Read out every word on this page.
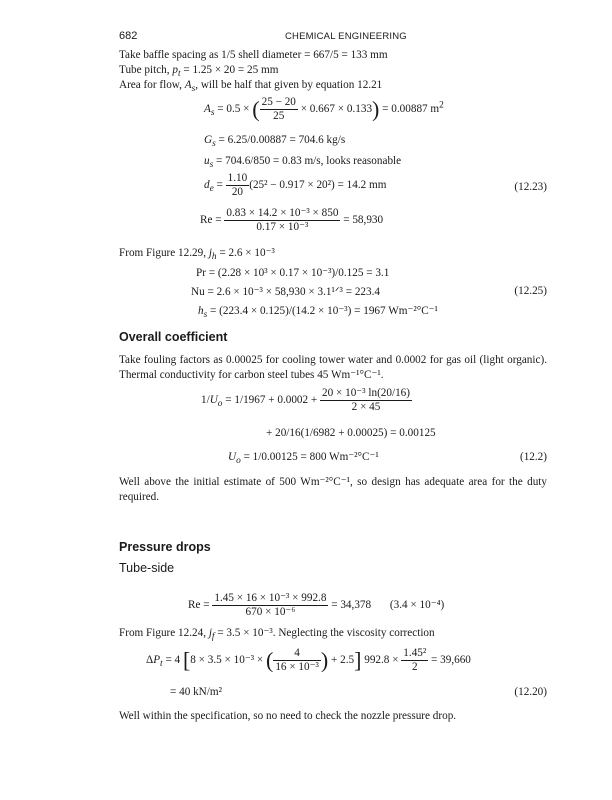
682	CHEMICAL ENGINEERING
Take baffle spacing as 1/5 shell diameter = 667/5 = 133 mm
Tube pitch, $p_t = 1.25 \times 20 = 25$ mm
Area for flow, $A_s$, will be half that given by equation 12.21
$A_s = 0.5$ × ( $\frac{25 - 20}{25} \times 0.667 \times 0.133) = 0.00887$ $m^2$
$G_s = 6.25/0.00887 = 704.6$ kg/s
$u_s = 704.6/850 = 0.83$ m/s, looks reasonable
$d_e = \frac{1.10}{20} (25^2 - 0.917 \times 20^2) = 14.2$ mm	(12.23)
$Re = \frac{\text{0.83 × 14.2 × 10⁻³ × 850}}{\text{0.17 × 10⁻³}} = 58,930$
From Figure 12.29, $j_h = 2.6 \times 10^{-3}$
Pr = (2.28 × 10³ × 0.17 × 10⁻³)/0.125 = 3.1
Nu = 2.6 × 10⁻³ × 58,930 × 3.1¹ᐟ³ = 223.4	(12.25)
$h_s = (223.4 \times 0.125)/(14.2 \times 10^{-3}) = 1967$ Wm⁻²°C⁻¹
Overall coefficient
Take fouling factors as 0.00025 for cooling tower water and 0.0002 for gas oil (light organic). Thermal conductivity for carbon steel tubes 45 Wm⁻¹°C⁻¹.
$1/U_o = 1/1967 + 0.0002 + \frac{\text{20 × 10⁻³ ln(20/16)}}{2 \times 45}$
+ 20/16(1/6982 + 0.00025) = 0.00125
$U_o = 1/0.00125 = 800$ Wm⁻²°C⁻¹	(12.2)
Well above the initial estimate of 500 Wm⁻²°C⁻¹, so design has adequate area for the duty required.
Pressure drops
Tube-side
$Re = \frac{\text{1.45 × 16 × 10⁻³ × 992.8}}{\text{670 × 10⁻⁶}} = 34,378$ (3.4 × 10⁻⁴)
From Figure 12.24, $j_f = 3.5 \times 10^{-3}$. Neglecting the viscosity correction
$\Delta P_t = 4$ [8 × 3.5 × 10⁻³ × ( $\frac{4}{\text{16 × 10⁻³}}$ ) + 2.5] $992.8 \times \frac{\text{1.45²}}{2} = 39,660$
= 40 kN/m²	(12.20)
Well within the specification, so no need to check the nozzle pressure drop.
